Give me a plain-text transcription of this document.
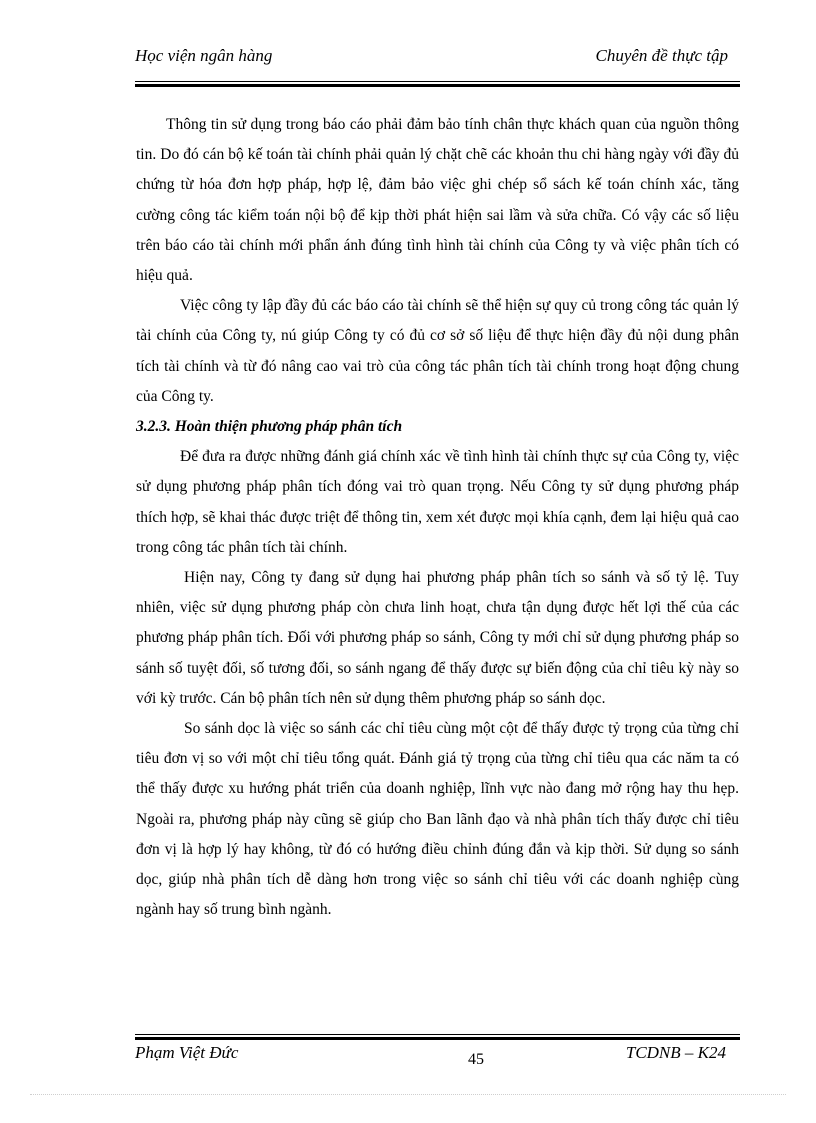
Học viện ngân hàng	Chuyên đề thực tập

Thông tin sử dụng trong báo cáo phải đảm bảo tính chân thực khách quan của nguồn thông tin. Do đó cán bộ kế toán tài chính phải quản lý chặt chẽ các khoản thu chi hàng ngày với đầy đủ chứng từ hóa đơn hợp pháp, hợp lệ, đảm bảo việc ghi chép sổ sách kế toán chính xác, tăng cường công tác kiểm toán nội bộ để kịp thời phát hiện sai lầm và sửa chữa. Có vậy các số liệu trên báo cáo tài chính mới phẩn ánh đúng tình hình tài chính của Công ty và việc phân tích có hiệu quả.

Việc công ty lập đầy đủ các báo cáo tài chính sẽ thể hiện sự quy củ trong công tác quản lý tài chính của Công ty, nú giúp Công ty có đủ cơ sở số liệu để thực hiện đầy đủ nội dung phân tích tài chính và từ đó nâng cao vai trò của công tác phân tích tài chính trong hoạt động chung của Công ty.

3.2.3. Hoàn thiện phương pháp phân tích

Để đưa ra được những đánh giá chính xác về tình hình tài chính thực sự của Công ty, việc sử dụng phương pháp phân tích đóng vai trò quan trọng. Nếu Công ty sử dụng phương pháp thích hợp, sẽ khai thác được triệt để thông tin, xem xét được mọi khía cạnh, đem lại hiệu quả cao trong công tác phân tích tài chính.

Hiện nay, Công ty đang sử dụng hai phương pháp phân tích so sánh và số tỷ lệ. Tuy nhiên, việc sử dụng phương pháp còn chưa linh hoạt, chưa tận dụng được hết lợi thế của các phương pháp phân tích. Đối với phương pháp so sánh, Công ty mới chỉ sử dụng phương pháp so sánh số tuyệt đối, số tương đối, so sánh ngang để thấy được sự biến động của chỉ tiêu kỳ này so với kỳ trước. Cán bộ phân tích nên sử dụng thêm phương pháp so sánh dọc.

So sánh dọc là việc so sánh các chỉ tiêu cùng một cột để thấy được tỷ trọng của từng chỉ tiêu đơn vị so với một chỉ tiêu tổng quát. Đánh giá tỷ trọng của từng chỉ tiêu qua các năm ta có thể thấy được xu hướng phát triển của doanh nghiệp, lĩnh vực nào đang mở rộng hay thu hẹp. Ngoài ra, phương pháp này cũng sẽ giúp cho Ban lãnh đạo và nhà phân tích thấy được chỉ tiêu đơn vị là hợp lý hay không, từ đó có hướng điều chỉnh đúng đắn và kịp thời. Sử dụng so sánh dọc, giúp nhà phân tích dễ dàng hơn trong việc so sánh chỉ tiêu với các doanh nghiệp cùng ngành hay số trung bình ngành.

Phạm Việt Đức	45	TCDNB – K24
